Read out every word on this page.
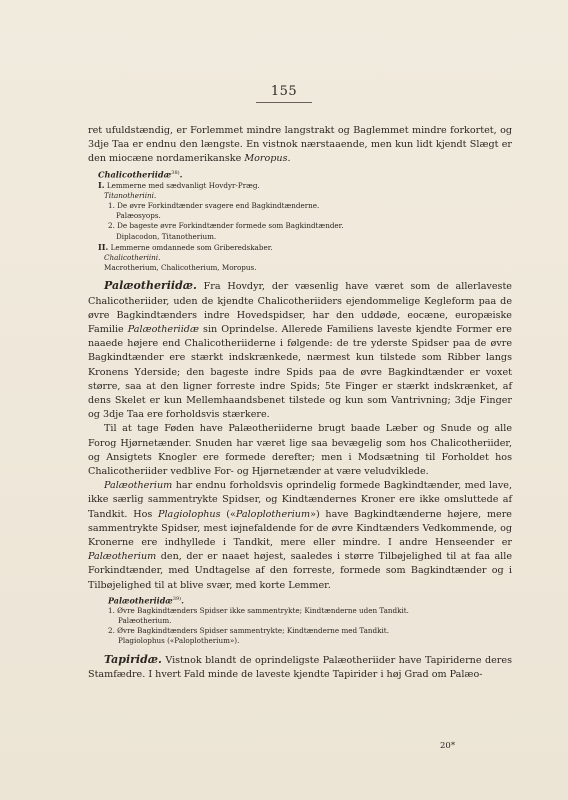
155

ret ufuldstændig, er Forlemmet mindre langstrakt og Baglemmet mindre forkortet, og 3dje Taa er endnu den længste. En vistnok nærstaaende, men kun lidt kjendt Slægt er den miocæne nordamerikanske Moropus.

Chalicotheriidæ$^{38)}$.
I. Lemmerne med sædvanligt Hovdyr-Præg.
Titanotheriini.
1. De øvre Forkindtænder svagere end Bagkindtænderne.
Palæosyops.
2. De bageste øvre Forkindtænder formede som Bagkindtænder.
Diplacodon, Titanotherium.
II. Lemmerne omdannede som Griberedskaber.
Chalicotheriini.
Macrotherium, Chalicotherium, Moropus.

Palæotheriidæ. Fra Hovdyr, der væsenlig have været som de allerlaveste Chalicotheriider, uden de kjendte Chalicotheriiders ejendommelige Kegleform paa de øvre Bagkindtænders indre Hovedspidser, har den uddøde, eocæne, europæiske Familie Palæotheriidæ sin Oprindelse. Allerede Familiens laveste kjendte Former ere naaede højere end Chalicotheriiderne i følgende: de tre yderste Spidser paa de øvre Bagkindtænder ere stærkt indskrænkede, nærmest kun tilstede som Ribber langs Kronens Yderside; den bageste indre Spids paa de øvre Bagkindtænder er voxet større, saa at den ligner forreste indre Spids; 5te Finger er stærkt indskrænket, af dens Skelet er kun Mellemhaandsbenet tilstede og kun som Vantrivning; 3dje Finger og 3dje Taa ere forholdsvis stærkere.

Til at tage Føden have Palæotheriiderne brugt baade Læber og Snude og alle Forog Hjørnetænder. Snuden har været lige saa bevægelig som hos Chalicotheriider, og Ansigtets Knogler ere formede derefter; men i Modsætning til Forholdet hos Chalicotheriider vedblive For- og Hjørnetænder at være veludviklede.

Palæotherium har endnu forholdsvis oprindelig formede Bagkindtænder, med lave, ikke særlig sammentrykte Spidser, og Kindtændernes Kroner ere ikke omsluttede af Tandkit. Hos Plagiolophus («Paloplotherium») have Bagkindtænderne højere, mere sammentrykte Spidser, mest iøjnefaldende for de øvre Kindtænders Vedkommende, og Kronerne ere indhyllede i Tandkit, mere eller mindre. I andre Henseender er Palæotherium den, der er naaet højest, saaledes i større Tilbøjelighed til at faa alle Forkindtænder, med Undtagelse af den forreste, formede som Bagkindtænder og i Tilbøjelighed til at blive svær, med korte Lemmer.

Palæotheriidæ$^{39)}$.
1. Øvre Bagkindtænders Spidser ikke sammentrykte; Kindtænderne uden Tandkit.
Palæotherium.
2. Øvre Bagkindtænders Spidser sammentrykte; Kindtænderne med Tandkit.
Plagiolophus («Paloplotherium»).

Tapiridæ. Vistnok blandt de oprindeligste Palæotheriider have Tapiriderne deres Stamfædre. I hvert Fald minde de laveste kjendte Tapirider i høj Grad om Palæo-

20*
